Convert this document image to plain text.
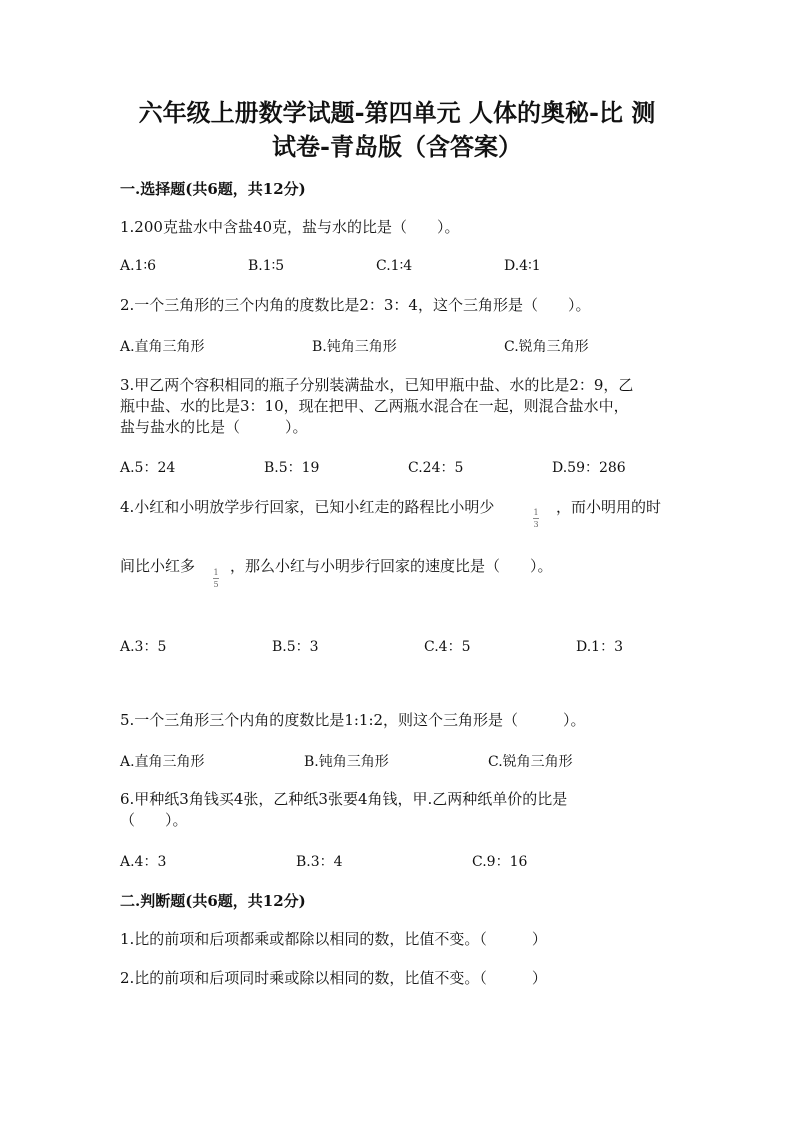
六年级上册数学试题-第四单元 人体的奥秘-比 测
试卷-青岛版（含答案）

一.选择题(共6题，共12分)

1.200克盐水中含盐40克，盐与水的比是（　　）。

A.1∶6	B.1∶5	C.1∶4	D.4∶1

2.一个三角形的三个内角的度数比是2：3：4，这个三角形是（　　）。

A.直角三角形	B.钝角三角形	C.锐角三角形

3.甲乙两个容积相同的瓶子分别装满盐水，已知甲瓶中盐、水的比是2：9，乙

瓶中盐、水的比是3：10，现在把甲、乙两瓶水混合在一起，则混合盐水中，

盐与盐水的比是（　　　）。

A.5：24	B.5：19	C.24：5	D.59：286

4.小红和小明放学步行回家，已知小红走的路程比小明少	1
3

，而小明用的时

间比小红多	1
5

，那么小红与小明步行回家的速度比是（　　）。

A.3：5	B.5：3	C.4：5	D.1：3

5.一个三角形三个内角的度数比是1:1:2，则这个三角形是（　　　）。

A.直角三角形	B.钝角三角形	C.锐角三角形

6.甲种纸3角钱买4张，乙种纸3张要4角钱，甲.乙两种纸单价的比是

（　　）。

A.4：3	B.3：4	C.9：16

二.判断题(共6题，共12分)

1.比的前项和后项都乘或都除以相同的数，比值不变。（　　　）

2.比的前项和后项同时乘或除以相同的数，比值不变。（　　　）
